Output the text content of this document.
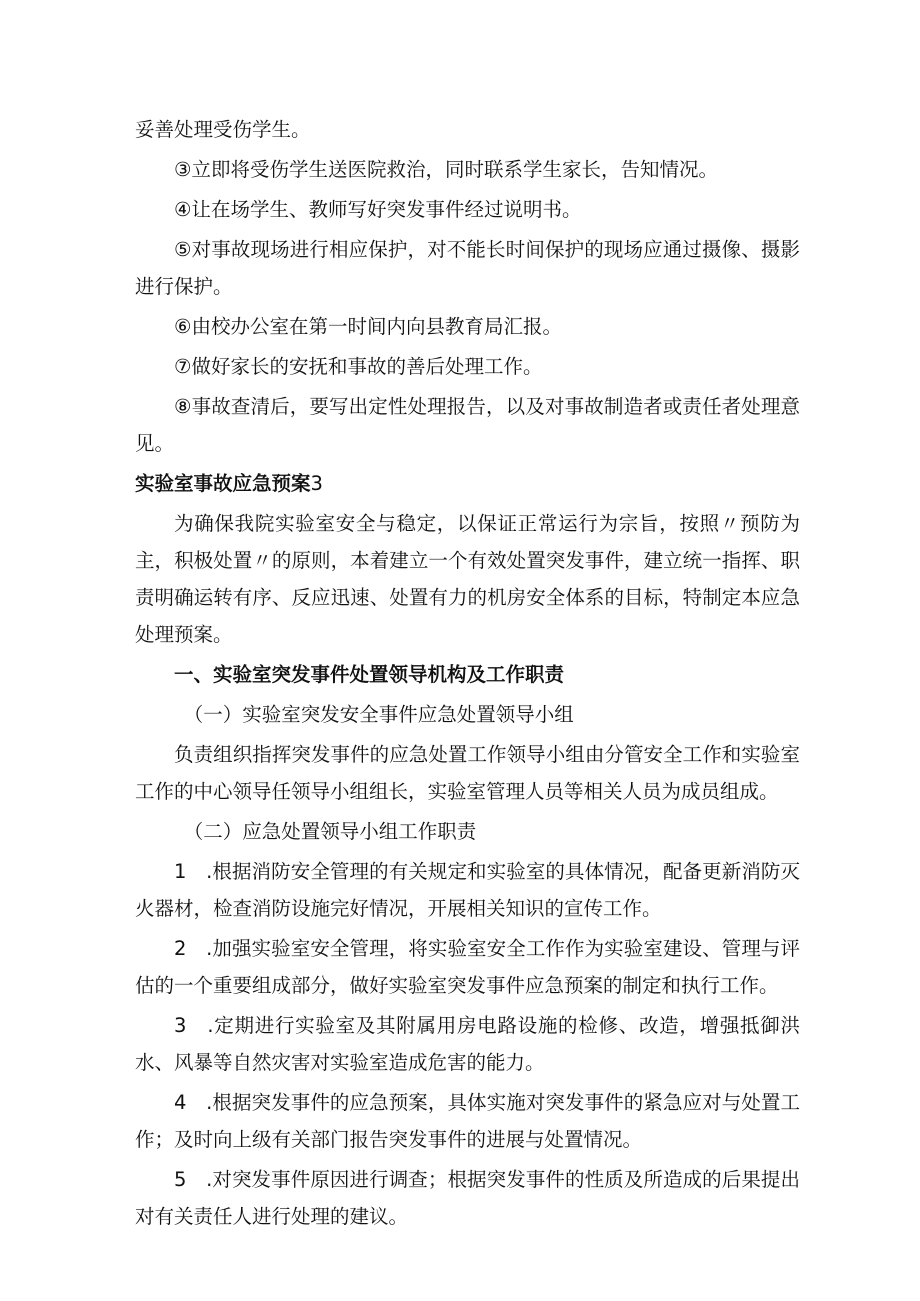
妥善处理受伤学生。

③立即将受伤学生送医院救治，同时联系学生家长，告知情况。

④让在场学生、教师写好突发事件经过说明书。

⑤对事故现场进行相应保护，对不能长时间保护的现场应通过摄像、摄影进行保护。

⑥由校办公室在第一时间内向县教育局汇报。

⑦做好家长的安抚和事故的善后处理工作。

⑧事故查清后，要写出定性处理报告，以及对事故制造者或责任者处理意见。

实验室事故应急预案3

为确保我院实验室安全与稳定，以保证正常运行为宗旨，按照〃预防为主，积极处置〃的原则，本着建立一个有效处置突发事件，建立统一指挥、职责明确运转有序、反应迅速、处置有力的机房安全体系的目标，特制定本应急处理预案。

一、实验室突发事件处置领导机构及工作职责

（一）实验室突发安全事件应急处置领导小组

负责组织指挥突发事件的应急处置工作领导小组由分管安全工作和实验室工作的中心领导任领导小组组长，实验室管理人员等相关人员为成员组成。

（二）应急处置领导小组工作职责

1　.根据消防安全管理的有关规定和实验室的具体情况，配备更新消防灭火器材，检查消防设施完好情况，开展相关知识的宣传工作。

2　.加强实验室安全管理，将实验室安全工作作为实验室建设、管理与评估的一个重要组成部分，做好实验室突发事件应急预案的制定和执行工作。

3　.定期进行实验室及其附属用房电路设施的检修、改造，增强抵御洪水、风暴等自然灾害对实验室造成危害的能力。

4　.根据突发事件的应急预案，具体实施对突发事件的紧急应对与处置工作；及时向上级有关部门报告突发事件的进展与处置情况。

5　.对突发事件原因进行调查；根据突发事件的性质及所造成的后果提出对有关责任人进行处理的建议。
